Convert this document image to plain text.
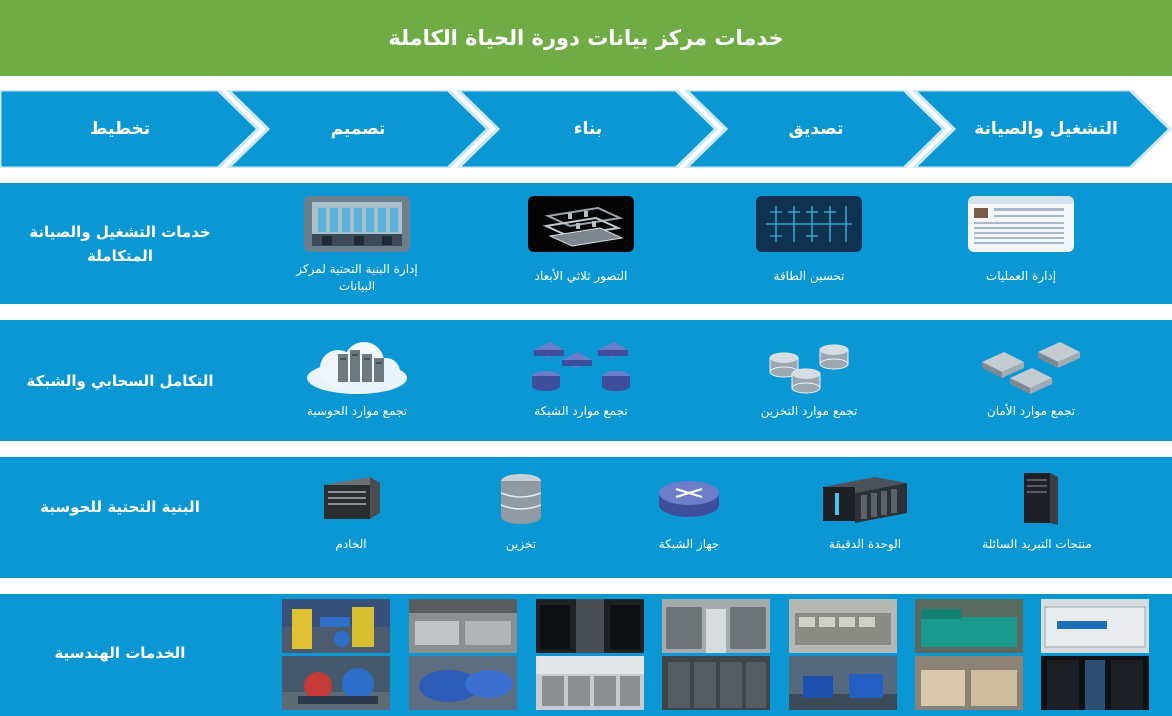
خدمات مركز بيانات دورة الحياة الكاملة
تخطيط	تصميم	بناء	تصديق	التشغيل والصيانة
خدمات التشغيل والصيانة المتكاملة
إدارة البنية التحتية لمركز البيانات
التصور ثلاثي الأبعاد	تحسين الطاقة	إدارة العمليات
التكامل السحابي والشبكة
تجمع موارد الحوسبة	تجمع موارد الشبكة	تجمع موارد التخزين	تجمع موارد الأمان
البنية التحتية للحوسبة
الخادم	تخزين	جهاز الشبكة	الوحدة الدقيقة	منتجات التبريد السائلة
الخدمات الهندسية
